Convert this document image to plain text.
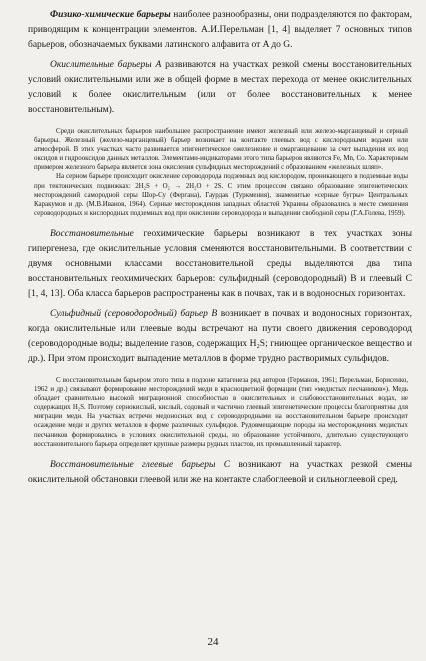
Физико-химические барьеры наиболее разнообразны, они подразделяются по факторам, приводящим к концентрации элементов. А.И.Перельман [1, 4] выделяет 7 основных типов барьеров, обозначаемых буквами латинского алфавита от A до G.

Окислительные барьеры А развиваются на участках резкой смены восстановительных условий окислительными или же в общей форме в местах перехода от менее окислительных условий к более окислительным (или от более восстановительных к менее восстановительным).

Среди окислительных барьеров наибольшее распространение имеют железный или железо-марганцевый и серный барьеры. Железный (железо-марганцевый) барьер возникает на контакте глеевых вод с кислородными водами или атмосферой. В этих участках часто развивается эпигенетическое ожелезнение и омарганцевание за счет выпадения их вод оксидов и гидрооксидов данных металлов. Элементами-индикаторами этого типа барьеров являются Fe, Mn, Co. Характерным примером железного барьера является зона окисления сульфидных месторождений с образованием «железных шляп».

На серном барьере происходит окисление сероводорода подземных вод кислородом, проникающего в подземные воды при тектонических подвижках: 2H₂S + O₂ → 2H₂O + 2S. С этим процессом связано образование эпигенетических месторождений самородной серы Шор-Су (Фергана), Гаурдак (Туркмения), знаменитые «серные бугры» Центральных Каракумов и др. (М.В.Иванов, 1964). Серные месторождения западных областей Украины образовались в месте смешения сероводородных и кислородных подземных вод при окислении сероводорода и выпадении свободной серы (Г.А.Голева, 1959).

Восстановительные геохимические барьеры возникают в тех участках зоны гипергенеза, где окислительные условия сменяются восстановительными. В соответствии с двумя основными классами восстановительной среды выделяются два типа восстановительных геохимических барьеров: сульфидный (сероводородный) В и глеевый С [1, 4, 13]. Оба класса барьеров распространены как в почвах, так и в водоносных горизонтах.

Сульфидный (сероводородный) барьер В возникает в почвах и водоносных горизонтах, когда окислительные или глеевые воды встречают на пути своего движения сероводород (сероводородные воды; выделение газов, содержащих H₂S; гниющее органическое вещество и др.). При этом происходит выпадение металлов в форме трудно растворимых сульфидов.

С восстановительным барьером этого типа в подзоне катагенеза ряд авторов (Германов, 1961; Перельман, Борисенко, 1962 и др.) связывают формирование месторождений меди в красноцветной формации (тип «медистых песчаников»). Медь обладает сравнительно высокой миграционной способностью в окислительных и слабовосстановительных водах, не содержащих H₂S. Поэтому сернокислый, кислый, содовый и частично глеевый эпигенетические процессы благоприятны для миграции меди. На участках встречи медоносных вод с сероводородными на восстановительном барьере происходит осаждение меди и других металлов в форме различных сульфидов. Рудовмещающие породы на месторождениях медистых песчаников формировались в условиях окислительной среды, но образование устойчивого, длительно существующего восстановительного барьера определяет крупные размеры рудных пластов, их промышленный характер.

Восстановительные глеевые барьеры С возникают на участках резкой смены окислительной обстановки глеевой или же на контакте слабоглеевой и сильноглеевой сред.

24
